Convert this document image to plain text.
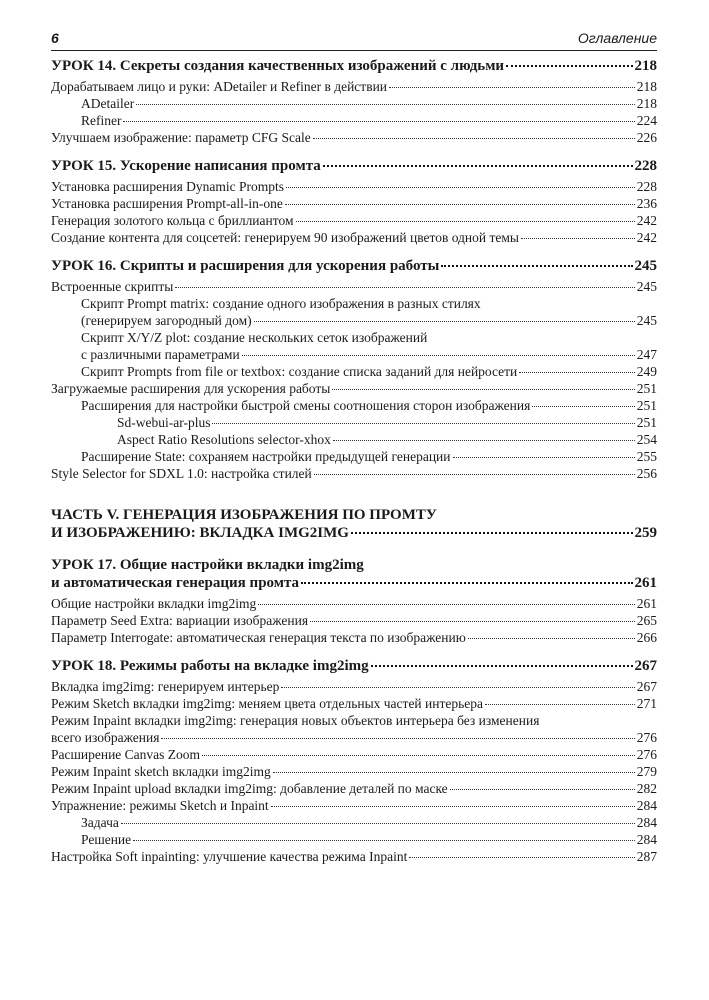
6	Оглавление
УРОК 14. Секреты создания качественных изображений с людьми	218
Дорабатываем лицо и руки: ADetailer и Refiner в действии	218
ADetailer	218
Refiner	224
Улучшаем изображение: параметр CFG Scale	226
УРОК 15. Ускорение написания промта	228
Установка расширения Dynamic Prompts	228
Установка расширения Prompt-all-in-one	236
Генерация золотого кольца с бриллиантом	242
Создание контента для соцсетей: генерируем 90 изображений цветов одной темы	242
УРОК 16. Скрипты и расширения для ускорения работы	245
Встроенные скрипты	245
Скрипт Prompt matrix: создание одного изображения в разных стилях
(генерируем загородный дом)	245
Скрипт X/Y/Z plot: создание нескольких сеток изображений
с различными параметрами	247
Скрипт Prompts from file or textbox: создание списка заданий для нейросети	249
Загружаемые расширения для ускорения работы	251
Расширения для настройки быстрой смены соотношения сторон изображения	251
Sd-webui-ar-plus	251
Aspect Ratio Resolutions selector-xhox	254
Расширение State: сохраняем настройки предыдущей генерации	255
Style Selector for SDXL 1.0: настройка стилей	256
ЧАСТЬ V. ГЕНЕРАЦИЯ ИЗОБРАЖЕНИЯ ПО ПРОМТУ
И ИЗОБРАЖЕНИЮ: ВКЛАДКА IMG2IMG	259
УРОК 17. Общие настройки вкладки img2img
и автоматическая генерация промта	261
Общие настройки вкладки img2img	261
Параметр Seed Extra: вариации изображения	265
Параметр Interrogate: автоматическая генерация текста по изображению	266
УРОК 18. Режимы работы на вкладке img2img	267
Вкладка img2img: генерируем интерьер	267
Режим Sketch вкладки img2img: меняем цвета отдельных частей интерьера	271
Режим Inpaint вкладки img2img: генерация новых объектов интерьера без изменения
всего изображения	276
Расширение Canvas Zoom	276
Режим Inpaint sketch вкладки img2img	279
Режим Inpaint upload вкладки img2img: добавление деталей по маске	282
Упражнение: режимы Sketch и Inpaint	284
Задача	284
Решение	284
Настройка Soft inpainting: улучшение качества режима Inpaint	287
